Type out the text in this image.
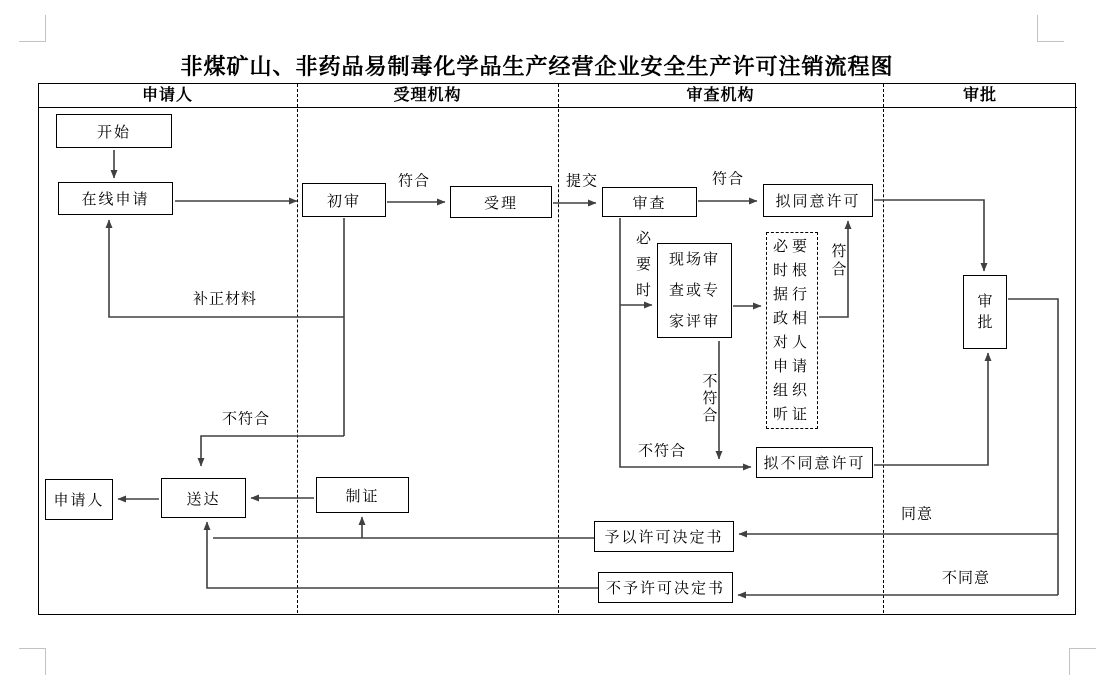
非煤矿山、非药品易制毒化学品生产经营企业安全生产许可注销流程图
申请人	受理机构	审查机构	审批
开始
在线申请	初审	受理	审查	拟同意许可
现场审查或专家评审
必要时根据行政相对人申请组织听证
审批
拟不同意许可
予以许可决定书
不予许可决定书
制证
送达
申请人
符合	提交	符合
补正材料
不符合
不符合
同意
不同意
必要时
不符合
符合
